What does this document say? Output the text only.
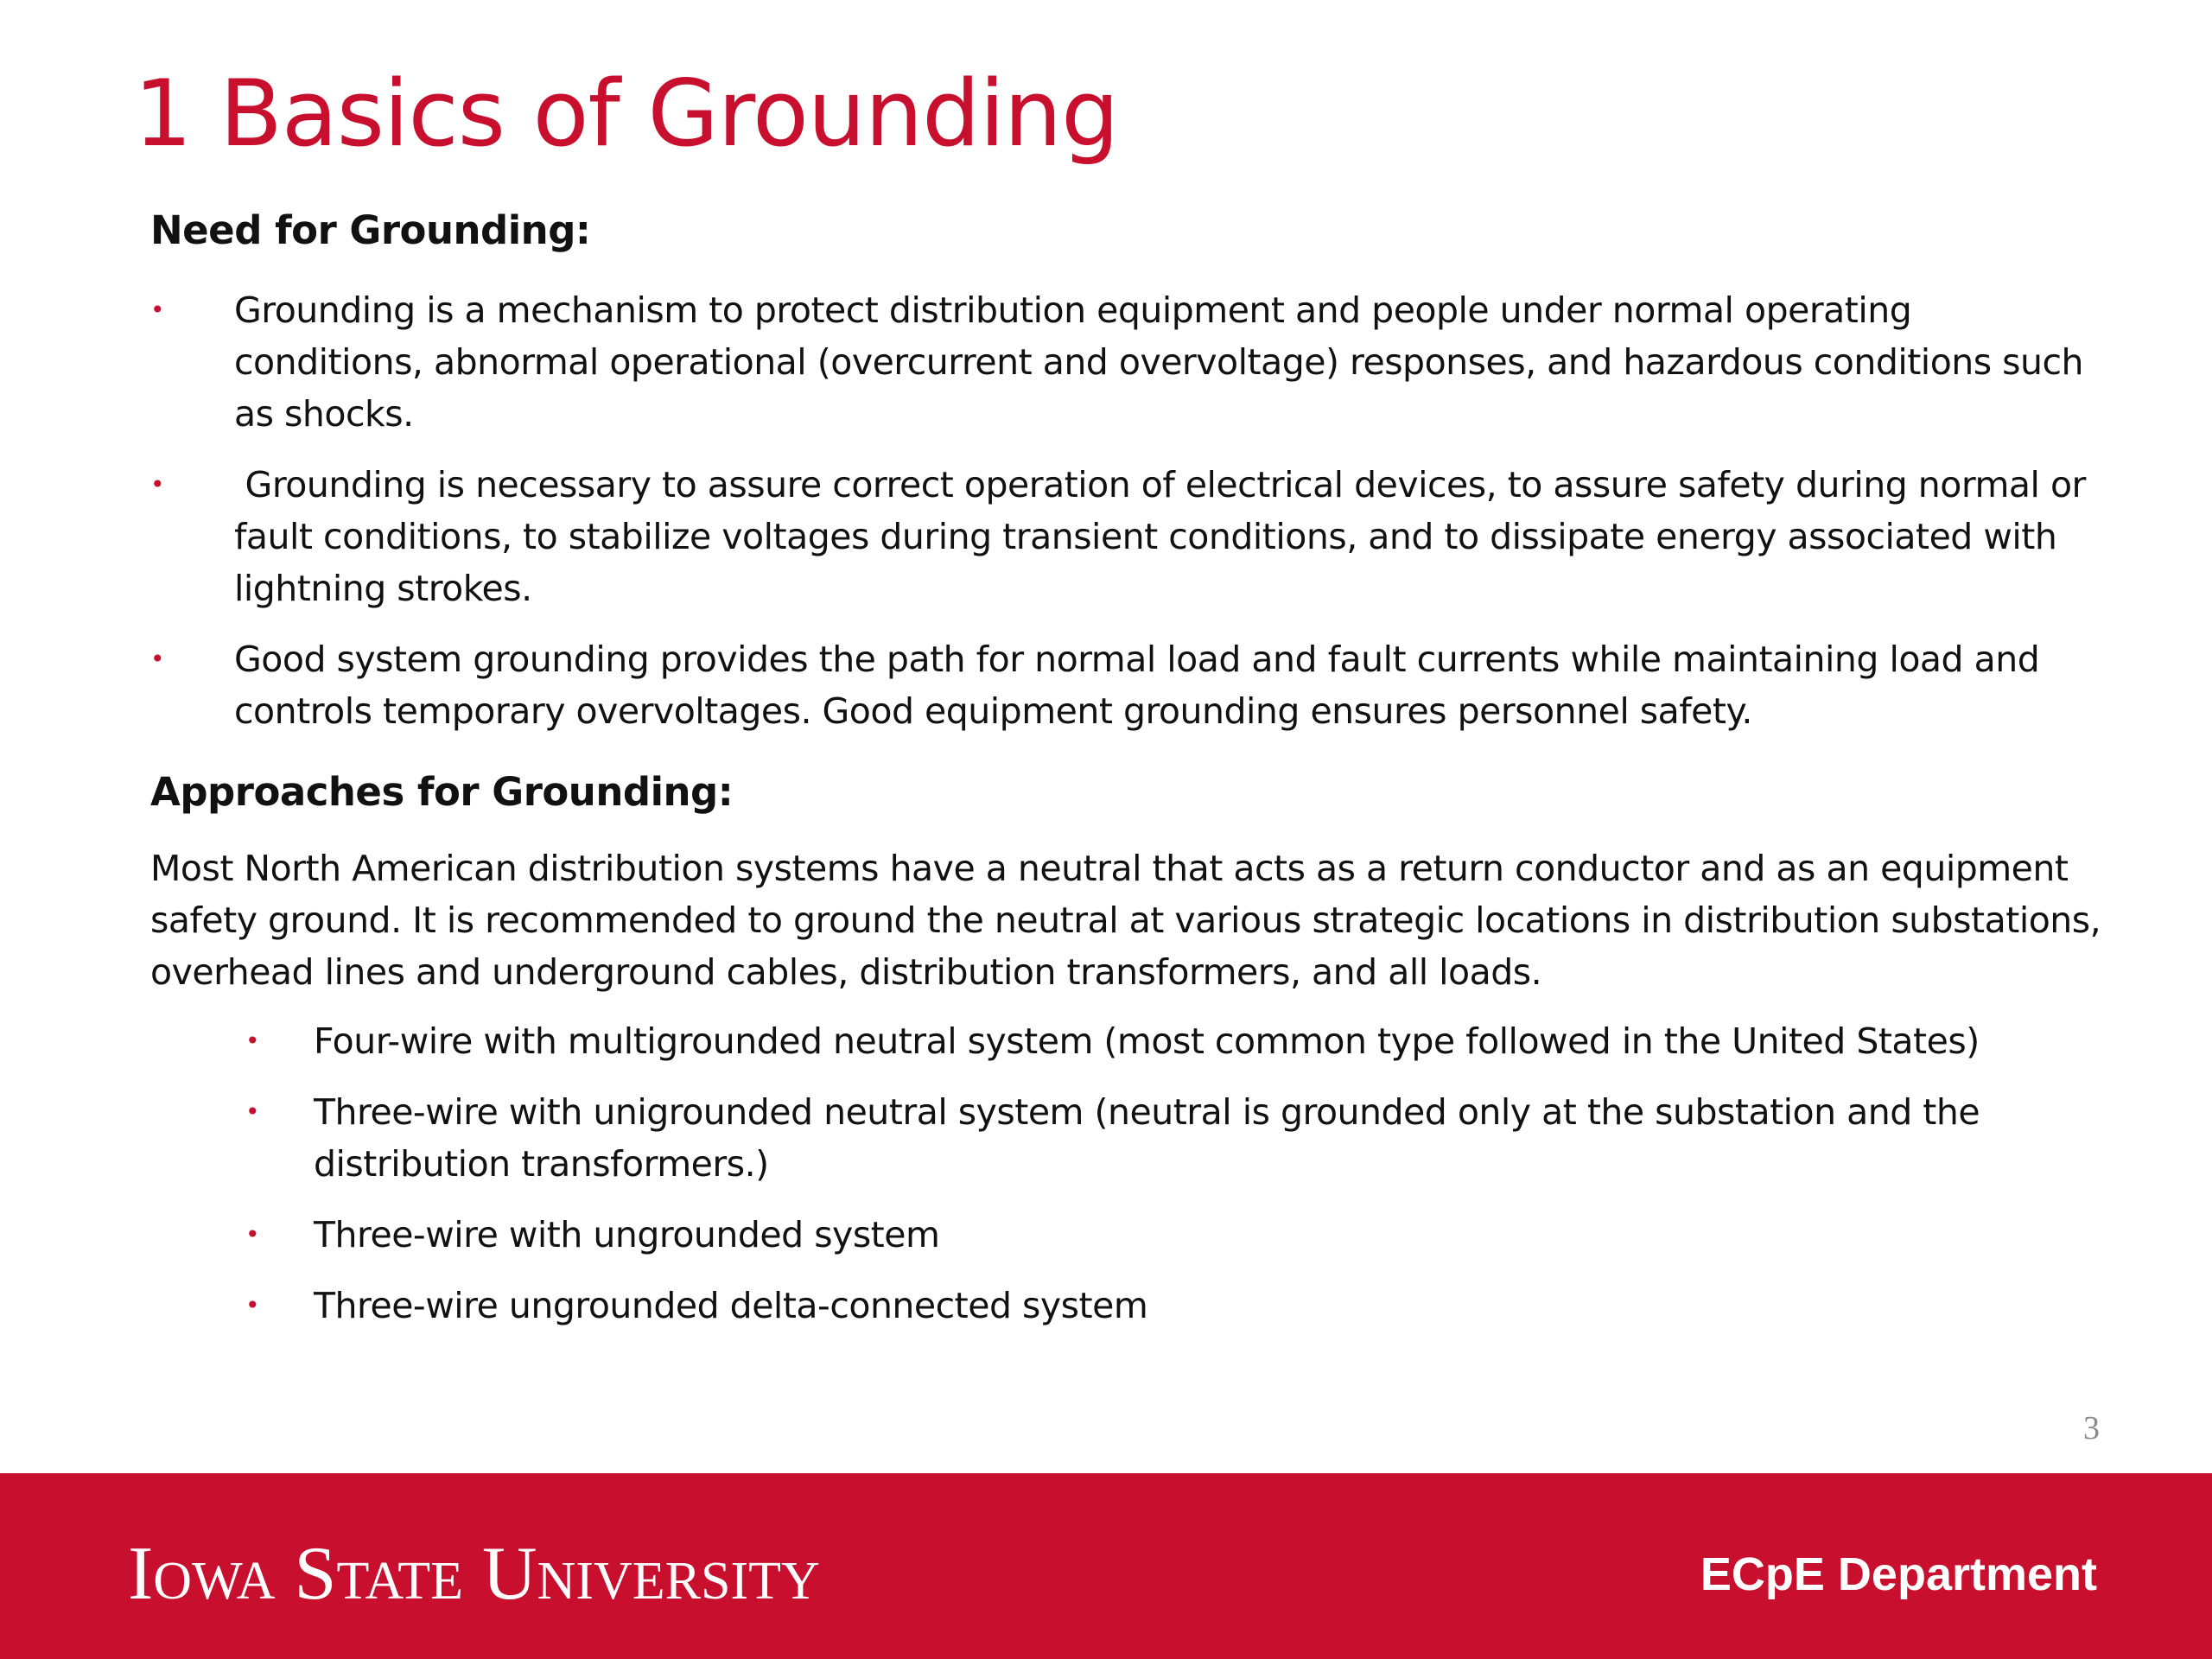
1 Basics of Grounding
Need for Grounding:
• Grounding is a mechanism to protect distribution equipment and people under normal operating conditions, abnormal operational (overcurrent and overvoltage) responses, and hazardous conditions such as shocks.
• Grounding is necessary to assure correct operation of electrical devices, to assure safety during normal or fault conditions, to stabilize voltages during transient conditions, and to dissipate energy associated with lightning strokes.
• Good system grounding provides the path for normal load and fault currents while maintaining load and controls temporary overvoltages. Good equipment grounding ensures personnel safety.
Approaches for Grounding:

Most North American distribution systems have a neutral that acts as a return conductor and as an equipment safety ground. It is recommended to ground the neutral at various strategic locations in distribution substations, overhead lines and underground cables, distribution transformers, and all loads.

• Four-wire with multigrounded neutral system (most common type followed in the United States)
• Three-wire with unigrounded neutral system (neutral is grounded only at the substation and the distribution transformers.)
• Three-wire with ungrounded system
• Three-wire ungrounded delta-connected system
3
Iowa State University	ECpE Department
